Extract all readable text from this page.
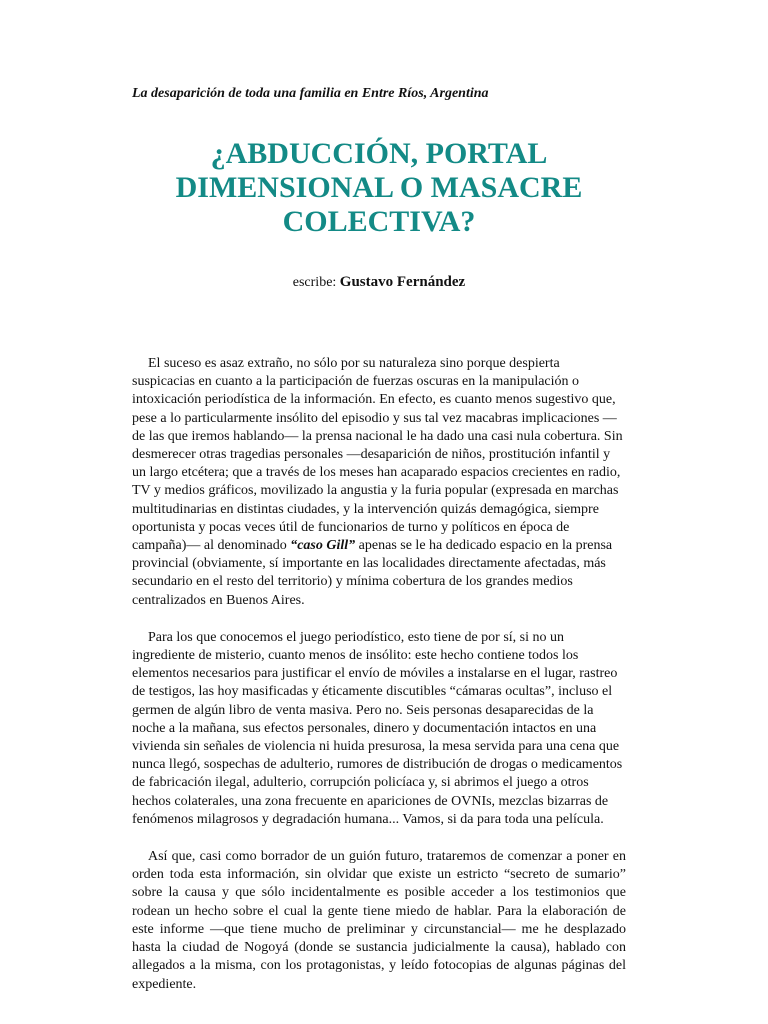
La desaparición de toda una familia en Entre Ríos, Argentina

¿ABDUCCIÓN, PORTAL DIMENSIONAL O MASACRE COLECTIVA?

escribe: Gustavo Fernández

El suceso es asaz extraño, no sólo por su naturaleza sino porque despierta suspicacias en cuanto a la participación de fuerzas oscuras en la manipulación o intoxicación periodística de la información. En efecto, es cuanto menos sugestivo que, pese a lo particularmente insólito del episodio y sus tal vez macabras implicaciones —de las que iremos hablando— la prensa nacional le ha dado una casi nula cobertura. Sin desmerecer otras tragedias personales —desaparición de niños, prostitución infantil y un largo etcétera; que a través de los meses han acaparado espacios crecientes en radio, TV y medios gráficos, movilizado la angustia y la furia popular (expresada en marchas multitudinarias en distintas ciudades, y la intervención quizás demagógica, siempre oportunista y pocas veces útil de funcionarios de turno y políticos en época de campaña)— al denominado “caso Gill” apenas se le ha dedicado espacio en la prensa provincial (obviamente, sí importante en las localidades directamente afectadas, más secundario en el resto del territorio) y mínima cobertura de los grandes medios centralizados en Buenos Aires.

Para los que conocemos el juego periodístico, esto tiene de por sí, si no un ingrediente de misterio, cuanto menos de insólito: este hecho contiene todos los elementos necesarios para justificar el envío de móviles a instalarse en el lugar, rastreo de testigos, las hoy masificadas y éticamente discutibles “cámaras ocultas”, incluso el germen de algún libro de venta masiva. Pero no. Seis personas desaparecidas de la noche a la mañana, sus efectos personales, dinero y documentación intactos en una vivienda sin señales de violencia ni huida presurosa, la mesa servida para una cena que nunca llegó, sospechas de adulterio, rumores de distribución de drogas o medicamentos de fabricación ilegal, adulterio, corrupción policíaca y, si abrimos el juego a otros hechos colaterales, una zona frecuente en apariciones de OVNIs, mezclas bizarras de fenómenos milagrosos y degradación humana... Vamos, si da para toda una película.

Así que, casi como borrador de un guión futuro, trataremos de comenzar a poner en orden toda esta información, sin olvidar que existe un estricto “secreto de sumario” sobre la causa y que sólo incidentalmente es posible acceder a los testimonios que rodean un hecho sobre el cual la gente tiene miedo de hablar. Para la elaboración de este informe —que tiene mucho de preliminar y circunstancial— me he desplazado hasta la ciudad de Nogoyá (donde se sustancia judicialmente la causa), hablado con allegados a la misma, con los protagonistas, y leído fotocopias de algunas páginas del expediente.
